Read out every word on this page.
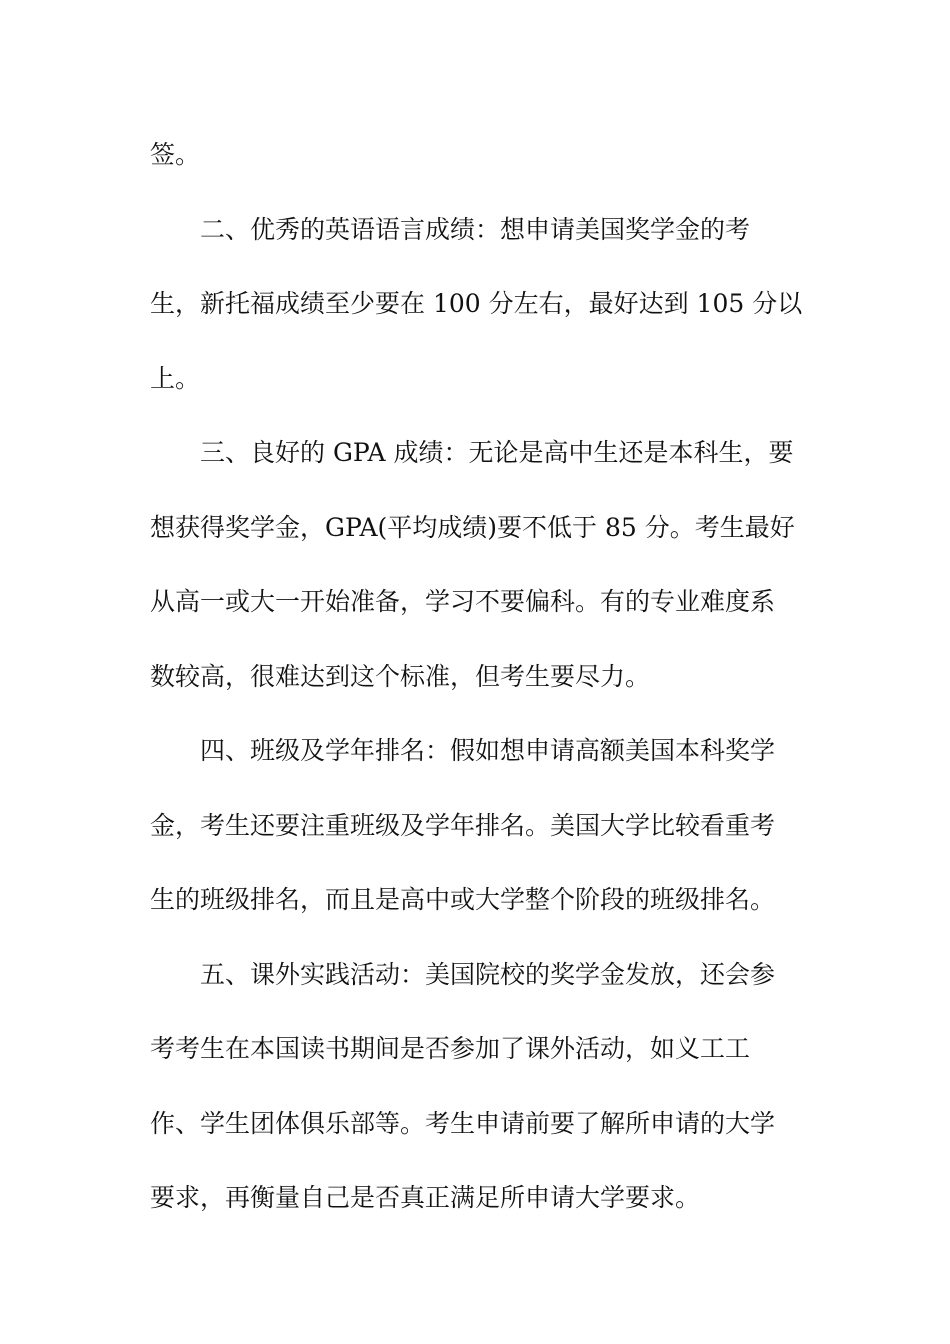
签。
二、优秀的英语语言成绩：想申请美国奖学金的考
生，新托福成绩至少要在 100 分左右，最好达到 105 分以
上。
三、良好的 GPA 成绩：无论是高中生还是本科生，要
想获得奖学金，GPA(平均成绩)要不低于 85 分。考生最好
从高一或大一开始准备，学习不要偏科。有的专业难度系
数较高，很难达到这个标准，但考生要尽力。
四、班级及学年排名：假如想申请高额美国本科奖学
金，考生还要注重班级及学年排名。美国大学比较看重考
生的班级排名，而且是高中或大学整个阶段的班级排名。
五、课外实践活动：美国院校的奖学金发放，还会参
考考生在本国读书期间是否参加了课外活动，如义工工
作、学生团体俱乐部等。考生申请前要了解所申请的大学
要求，再衡量自己是否真正满足所申请大学要求。
